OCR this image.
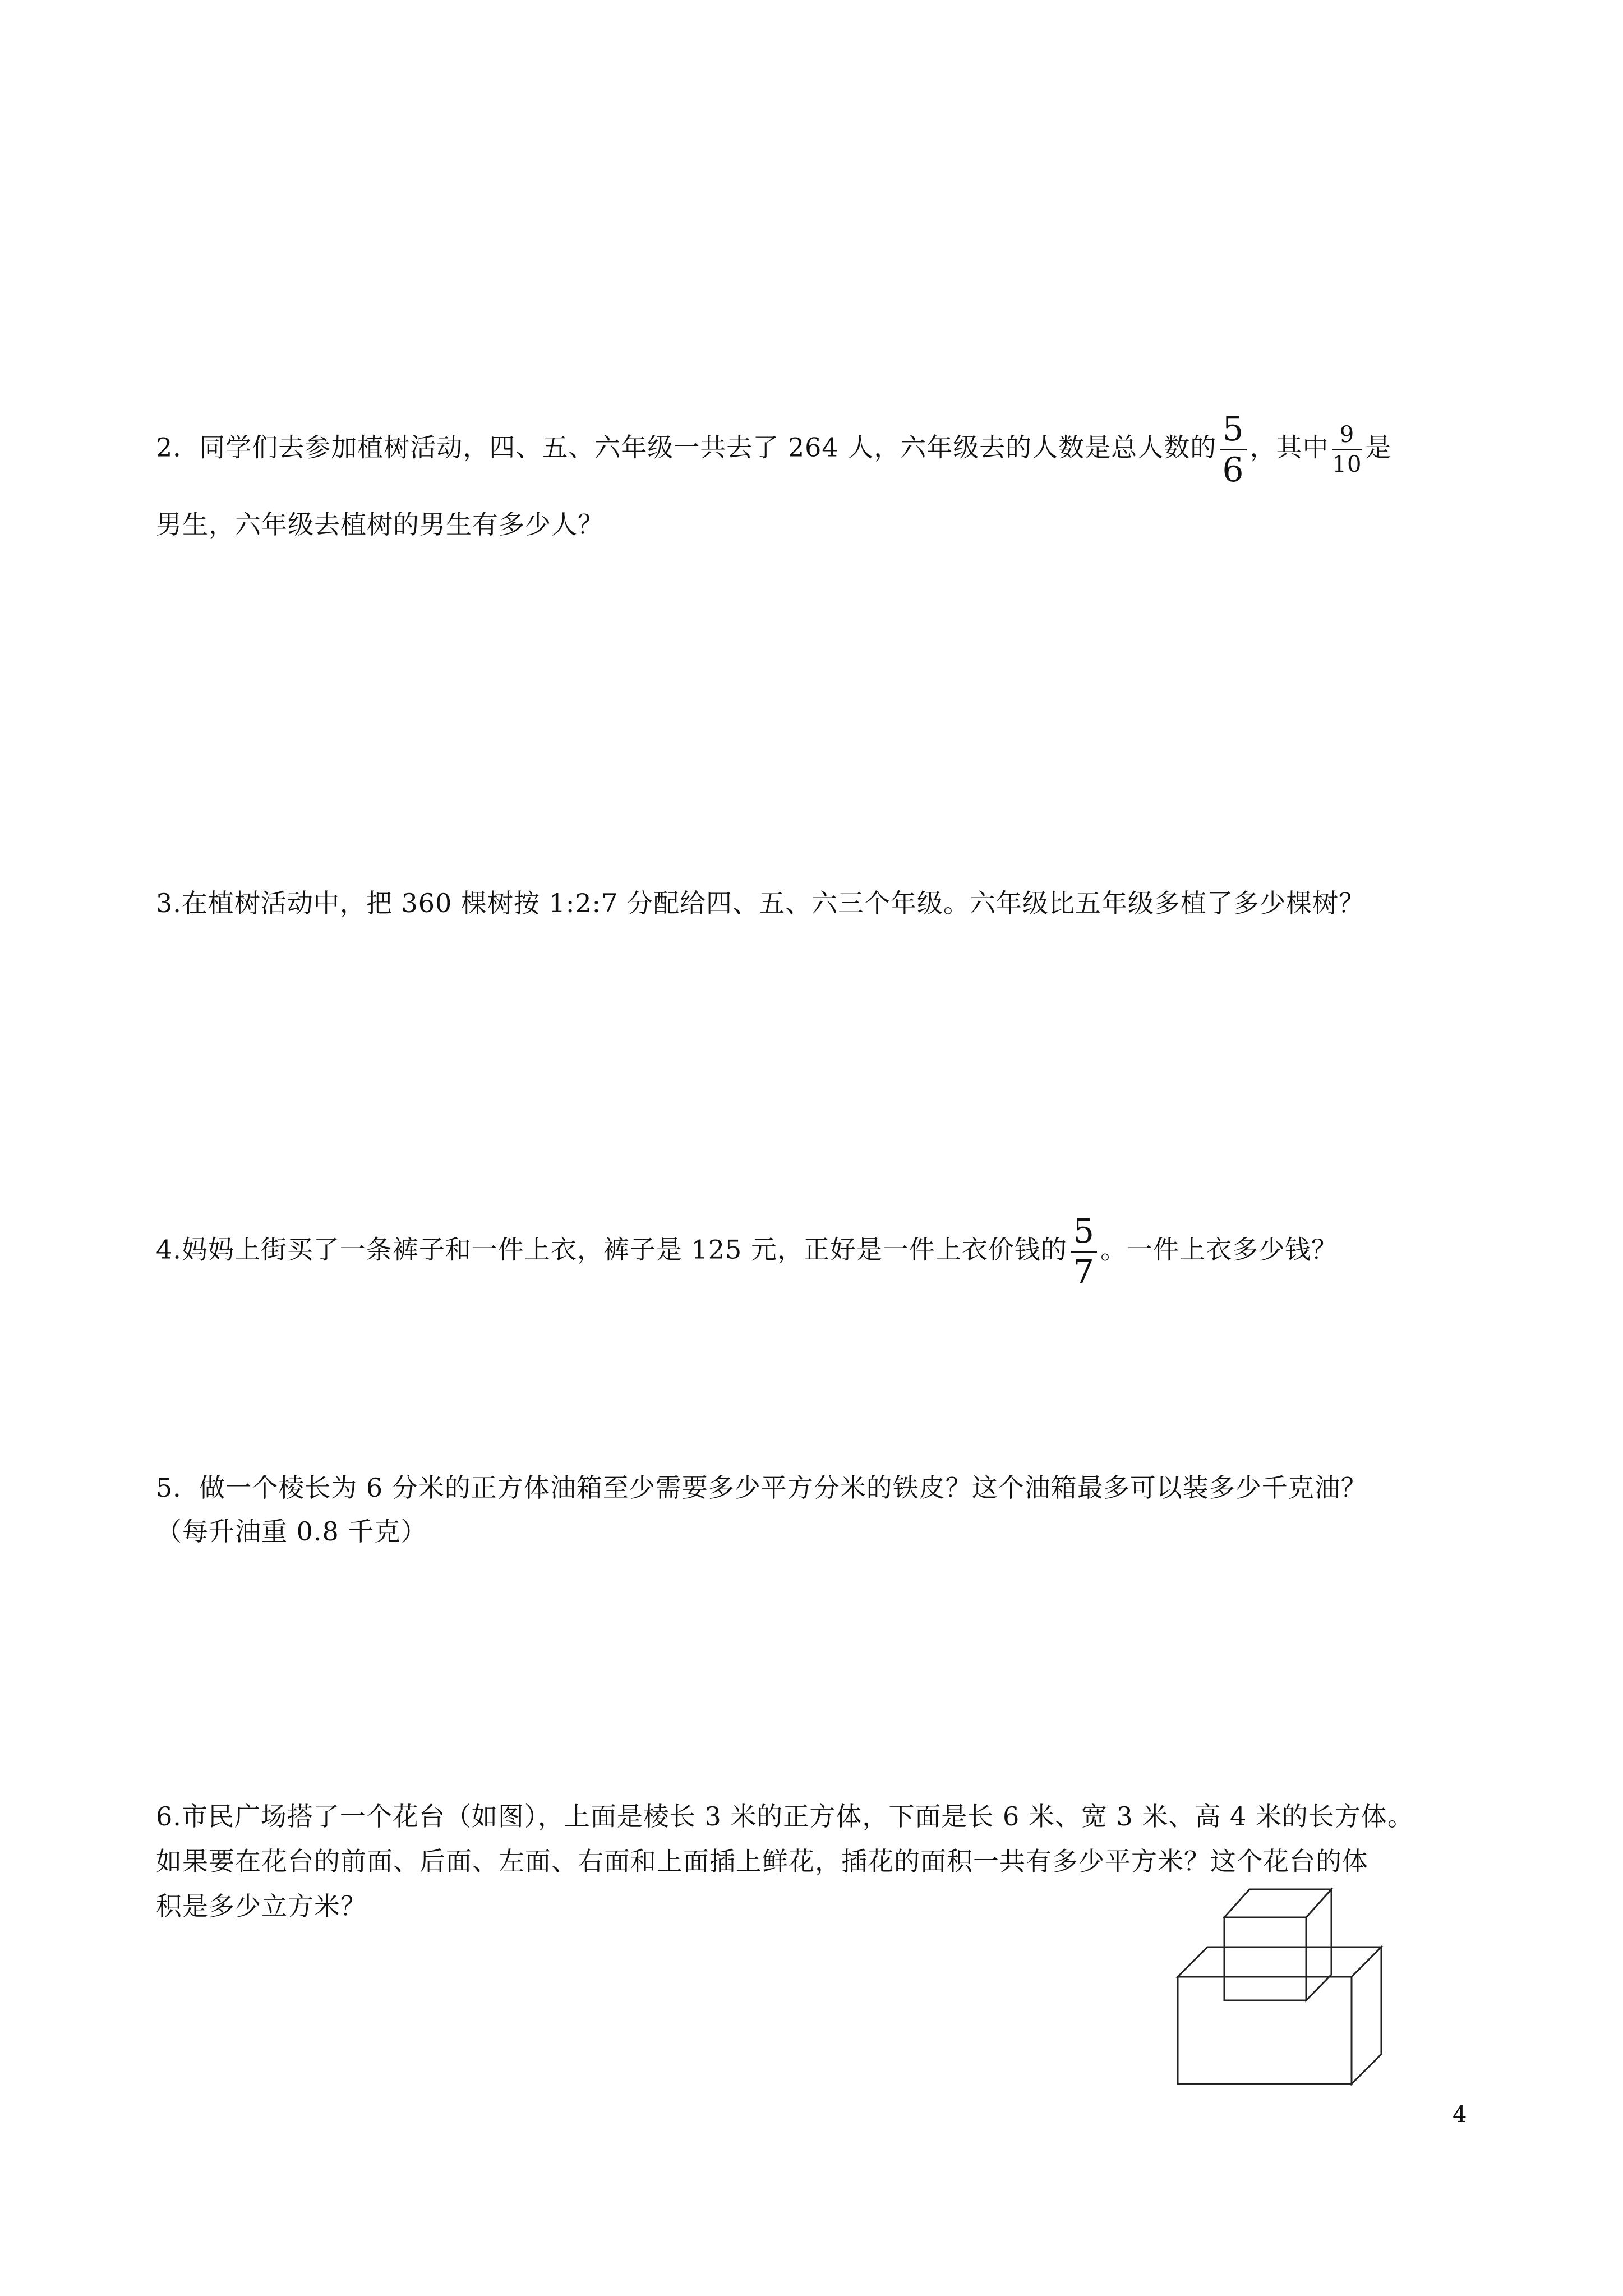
2．同学们去参加植树活动，四、五、六年级一共去了 264 人，六年级去的人数是总人数的 $\frac{5}{6}$ ，其中 $\frac{9}{10}$ 是
男生，六年级去植树的男生有多少人？
3.在植树活动中，把 360 棵树按 1:2:7 分配给四、五、六三个年级。六年级比五年级多植了多少棵树？
4.妈妈上街买了一条裤子和一件上衣，裤子是 125 元，正好是一件上衣价钱的 $\frac{5}{7}$ 。一件上衣多少钱？
5．做一个棱长为 6 分米的正方体油箱至少需要多少平方分米的铁皮？这个油箱最多可以装多少千克油？
（每升油重 0.8 千克）
6.市民广场搭了一个花台（如图），上面是棱长 3 米的正方体，下面是长 6 米、宽 3 米、高 4 米的长方体。
如果要在花台的前面、后面、左面、右面和上面插上鲜花，插花的面积一共有多少平方米？这个花台的体
积是多少立方米？
4
